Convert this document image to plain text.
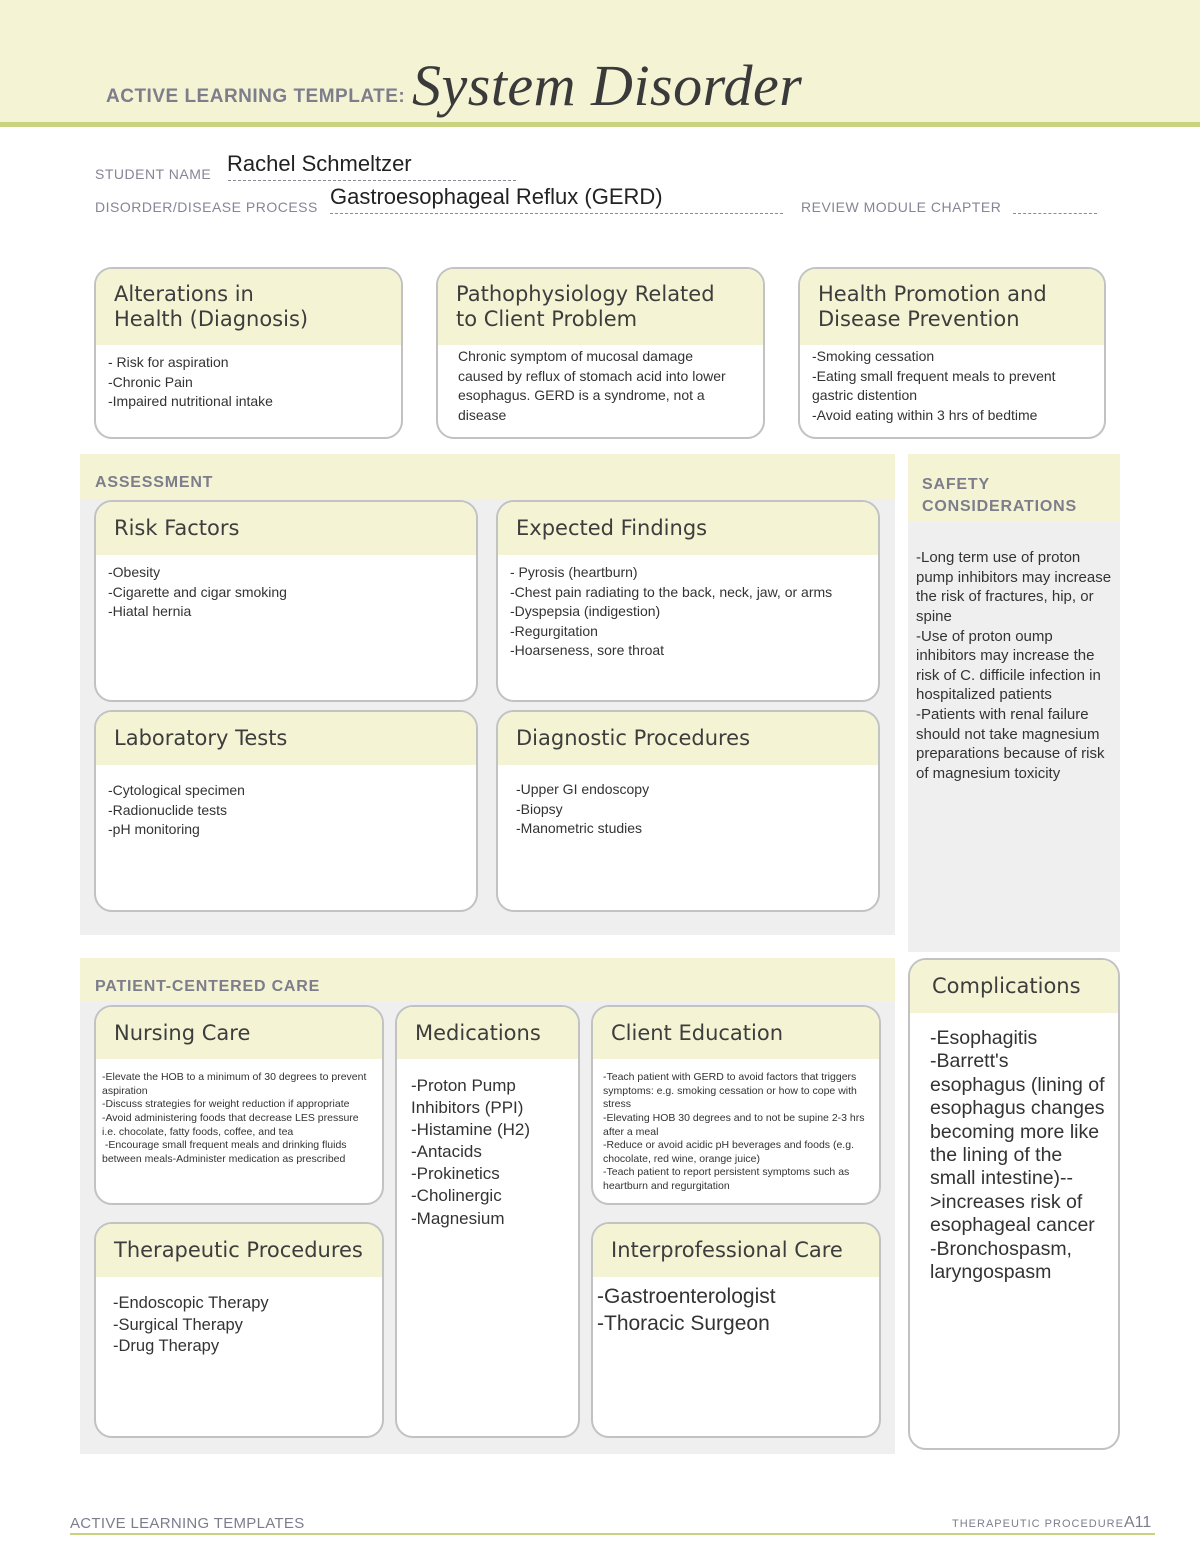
ACTIVE LEARNING TEMPLATE: System Disorder
STUDENT NAME Rachel Schmeltzer
DISORDER/DISEASE PROCESS Gastroesophageal Reflux (GERD)	REVIEW MODULE CHAPTER
Alterations in
Health (Diagnosis)
- Risk for aspiration
-Chronic Pain
-Impaired nutritional intake
Pathophysiology Related
to Client Problem
Chronic symptom of mucosal damage caused by reflux of stomach acid into lower esophagus. GERD is a syndrome, not a disease
Health Promotion and
Disease Prevention
-Smoking cessation
-Eating small frequent meals to prevent gastric distention
-Avoid eating within 3 hrs of bedtime
ASSESSMENT
Risk Factors
-Obesity
-Cigarette and cigar smoking
-Hiatal hernia
Expected Findings
- Pyrosis (heartburn)
-Chest pain radiating to the back, neck, jaw, or arms
-Dyspepsia (indigestion)
-Regurgitation
-Hoarseness, sore throat
Laboratory Tests
-Cytological specimen
-Radionuclide tests
-pH monitoring
Diagnostic Procedures
-Upper GI endoscopy
-Biopsy
-Manometric studies
SAFETY
CONSIDERATIONS
-Long term use of proton pump inhibitors may increase the risk of fractures, hip, or spine
-Use of proton oump inhibitors may increase the risk of C. difficile infection in hospitalized patients
-Patients with renal failure should not take magnesium preparations because of risk of magnesium toxicity
PATIENT-CENTERED CARE
Nursing Care
-Elevate the HOB to a minimum of 30 degrees to prevent aspiration
-Discuss strategies for weight reduction if appropriate
-Avoid administering foods that decrease LES pressure i.e. chocolate, fatty foods, coffee, and tea
-Encourage small frequent meals and drinking fluids between meals-Administer medication as prescribed
Medications
-Proton Pump Inhibitors (PPI)
-Histamine (H2)
-Antacids
-Prokinetics
-Cholinergic
-Magnesium
Client Education
-Teach patient with GERD to avoid factors that triggers symptoms: e.g. smoking cessation or how to cope with stress
-Elevating HOB 30 degrees and to not be supine 2-3 hrs after a meal
-Reduce or avoid acidic pH beverages and foods (e.g. chocolate, red wine, orange juice)
-Teach patient to report persistent symptoms such as heartburn and regurgitation
Therapeutic Procedures
-Endoscopic Therapy
-Surgical Therapy
-Drug Therapy
Interprofessional Care
-Gastroenterologist
-Thoracic Surgeon
Complications
-Esophagitis
-Barrett's esophagus (lining of esophagus changes becoming more like the lining of the small intestine)-->increases risk of esophageal cancer
-Bronchospasm, laryngospasm
ACTIVE LEARNING TEMPLATES	THERAPEUTIC PROCEDURE A11
